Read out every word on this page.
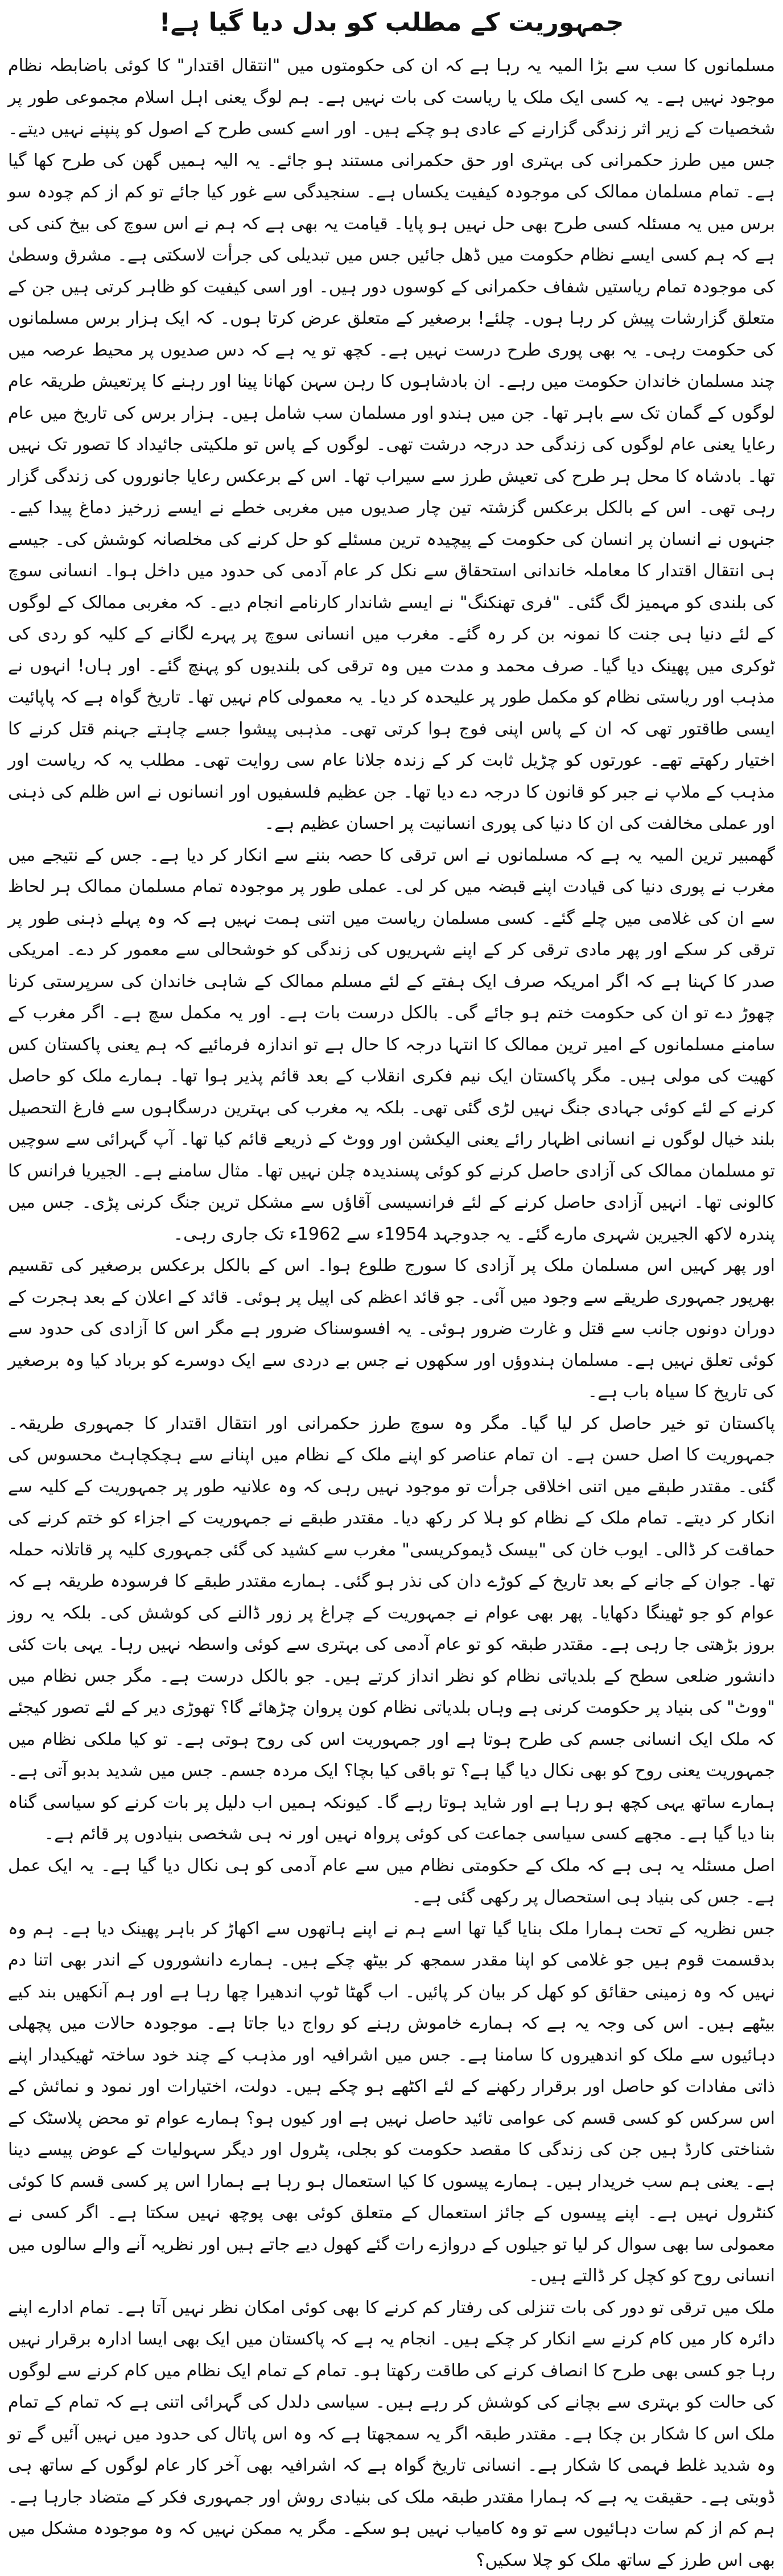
جمہوریت کے مطلب کو بدل دیا گیا ہے!

مسلمانوں کا سب سے بڑا المیہ یہ رہا ہے کہ ان کی حکومتوں میں "انتقال اقتدار" کا کوئی باضابطہ نظام موجود نہیں ہے۔ یہ کسی ایک ملک یا ریاست کی بات نہیں ہے۔ ہم لوگ یعنی اہل اسلام مجموعی طور پر شخصیات کے زیر اثر زندگی گزارنے کے عادی ہو چکے ہیں۔ اور اسے کسی طرح کے اصول کو پنپنے نہیں دیتے۔ جس میں طرز حکمرانی کی بہتری اور حق حکمرانی مستند ہو جائے۔ یہ الیہ ہمیں گھن کی طرح کھا گیا ہے۔ تمام مسلمان ممالک کی موجودہ کیفیت یکساں ہے۔ سنجیدگی سے غور کیا جائے تو کم از کم چودہ سو برس میں یہ مسئلہ کسی طرح بھی حل نہیں ہو پایا۔ قیامت یہ بھی ہے کہ ہم نے اس سوچ کی بیخ کنی کی ہے کہ ہم کسی ایسے نظام حکومت میں ڈھل جائیں جس میں تبدیلی کی جرأت لاسکتی ہے۔ مشرق وسطیٰ کی موجودہ تمام ریاستیں شفاف حکمرانی کے کوسوں دور ہیں۔ اور اسی کیفیت کو ظاہر کرتی ہیں جن کے متعلق گزارشات پیش کر رہا ہوں۔ چلئے! برصغیر کے متعلق عرض کرتا ہوں۔ کہ ایک ہزار برس مسلمانوں کی حکومت رہی۔ یہ بھی پوری طرح درست نہیں ہے۔ کچھ تو یہ ہے کہ دس صدیوں پر محیط عرصہ میں چند مسلمان خاندان حکومت میں رہے۔ ان بادشاہوں کا رہن سہن کھانا پینا اور رہنے کا پرتعیش طریقہ عام لوگوں کے گمان تک سے باہر تھا۔ جن میں ہندو اور مسلمان سب شامل ہیں۔ ہزار برس کی تاریخ میں عام رعایا یعنی عام لوگوں کی زندگی حد درجہ درشت تھی۔ لوگوں کے پاس تو ملکیتی جائیداد کا تصور تک نہیں تھا۔ بادشاہ کا محل ہر طرح کی تعیش طرز سے سیراب تھا۔ اس کے برعکس رعایا جانوروں کی زندگی گزار رہی تھی۔ اس کے بالکل برعکس گزشتہ تین چار صدیوں میں مغربی خطے نے ایسے زرخیز دماغ پیدا کیے۔ جنہوں نے انسان پر انسان کی حکومت کے پیچیدہ ترین مسئلے کو حل کرنے کی مخلصانہ کوشش کی۔ جیسے ہی انتقال اقتدار کا معاملہ خاندانی استحقاق سے نکل کر عام آدمی کی حدود میں داخل ہوا۔ انسانی سوچ کی بلندی کو مہمیز لگ گئی۔ "فری تھنکنگ" نے ایسے شاندار کارنامے انجام دیے۔ کہ مغربی ممالک کے لوگوں کے لئے دنیا ہی جنت کا نمونہ بن کر رہ گئے۔ مغرب میں انسانی سوچ پر پہرے لگانے کے کلیہ کو ردی کی ٹوکری میں پھینک دیا گیا۔ صرف محمد و مدت میں وہ ترقی کی بلندیوں کو پہنچ گئے۔ اور ہاں! انہوں نے مذہب اور ریاستی نظام کو مکمل طور پر علیحدہ کر دیا۔ یہ معمولی کام نہیں تھا۔ تاریخ گواہ ہے کہ پاپائیت ایسی طاقتور تھی کہ ان کے پاس اپنی فوج ہوا کرتی تھی۔ مذہبی پیشوا جسے چاہتے جہنم قتل کرنے کا اختیار رکھتے تھے۔ عورتوں کو چڑیل ثابت کر کے زندہ جلانا عام سی روایت تھی۔ مطلب یہ کہ ریاست اور مذہب کے ملاپ نے جبر کو قانون کا درجہ دے دیا تھا۔ جن عظیم فلسفیوں اور انسانوں نے اس ظلم کی ذہنی اور عملی مخالفت کی ان کا دنیا کی پوری انسانیت پر احسان عظیم ہے۔

گھمبیر ترین المیہ یہ ہے کہ مسلمانوں نے اس ترقی کا حصہ بننے سے انکار کر دیا ہے۔ جس کے نتیجے میں مغرب نے پوری دنیا کی قیادت اپنے قبضہ میں کر لی۔ عملی طور پر موجودہ تمام مسلمان ممالک ہر لحاظ سے ان کی غلامی میں چلے گئے۔ کسی مسلمان ریاست میں اتنی ہمت نہیں ہے کہ وہ پہلے ذہنی طور پر ترقی کر سکے اور پھر مادی ترقی کر کے اپنے شہریوں کی زندگی کو خوشحالی سے معمور کر دے۔ امریکی صدر کا کہنا ہے کہ اگر امریکہ صرف ایک ہفتے کے لئے مسلم ممالک کے شاہی خاندان کی سرپرستی کرنا چھوڑ دے تو ان کی حکومت ختم ہو جائے گی۔ بالکل درست بات ہے۔ اور یہ مکمل سچ ہے۔ اگر مغرب کے سامنے مسلمانوں کے امیر ترین ممالک کا انتہا درجہ کا حال ہے تو اندازہ فرمائیے کہ ہم یعنی پاکستان کس کھیت کی مولی ہیں۔ مگر پاکستان ایک نیم فکری انقلاب کے بعد قائم پذیر ہوا تھا۔ ہمارے ملک کو حاصل کرنے کے لئے کوئی جہادی جنگ نہیں لڑی گئی تھی۔ بلکہ یہ مغرب کی بہترین درسگاہوں سے فارغ التحصیل بلند خیال لوگوں نے انسانی اظہار رائے یعنی الیکشن اور ووٹ کے ذریعے قائم کیا تھا۔ آپ گہرائی سے سوچیں تو مسلمان ممالک کی آزادی حاصل کرنے کو کوئی پسندیدہ چلن نہیں تھا۔ مثال سامنے ہے۔ الجیریا فرانس کا کالونی تھا۔ انہیں آزادی حاصل کرنے کے لئے فرانسیسی آقاؤں سے مشکل ترین جنگ کرنی پڑی۔ جس میں پندرہ لاکھ الجیرین شہری مارے گئے۔ یہ جدوجہد 1954ء سے 1962ء تک جاری رہی۔

اور پھر کہیں اس مسلمان ملک پر آزادی کا سورج طلوع ہوا۔ اس کے بالکل برعکس برصغیر کی تقسیم بھرپور جمہوری طریقے سے وجود میں آئی۔ جو قائد اعظم کی اپیل پر ہوئی۔ قائد کے اعلان کے بعد ہجرت کے دوران دونوں جانب سے قتل و غارت ضرور ہوئی۔ یہ افسوسناک ضرور ہے مگر اس کا آزادی کی حدود سے کوئی تعلق نہیں ہے۔ مسلمان ہندوؤں اور سکھوں نے جس بے دردی سے ایک دوسرے کو برباد کیا وہ برصغیر کی تاریخ کا سیاہ باب ہے۔

پاکستان تو خیر حاصل کر لیا گیا۔ مگر وہ سوچ طرز حکمرانی اور انتقال اقتدار کا جمہوری طریقہ۔ جمہوریت کا اصل حسن ہے۔ ان تمام عناصر کو اپنے ملک کے نظام میں اپنانے سے ہچکچاہٹ محسوس کی گئی۔ مقتدر طبقے میں اتنی اخلاقی جرأت تو موجود نہیں رہی کہ وہ علانیہ طور پر جمہوریت کے کلیہ سے انکار کر دیتے۔ تمام ملک کے نظام کو ہلا کر رکھ دیا۔ مقتدر طبقے نے جمہوریت کے اجزاء کو ختم کرنے کی حماقت کر ڈالی۔ ایوب خان کی "بیسک ڈیموکریسی" مغرب سے کشید کی گئی جمہوری کلیہ پر قاتلانہ حملہ تھا۔ جوان کے جانے کے بعد تاریخ کے کوڑے دان کی نذر ہو گئی۔ ہمارے مقتدر طبقے کا فرسودہ طریقہ ہے کہ عوام کو جو ٹھینگا دکھایا۔ پھر بھی عوام نے جمہوریت کے چراغ پر زور ڈالنے کی کوشش کی۔ بلکہ یہ روز بروز بڑھتی جا رہی ہے۔ مقتدر طبقہ کو تو عام آدمی کی بہتری سے کوئی واسطہ نہیں رہا۔ یہی بات کئی دانشور ضلعی سطح کے بلدیاتی نظام کو نظر انداز کرتے ہیں۔ جو بالکل درست ہے۔ مگر جس نظام میں "ووٹ" کی بنیاد پر حکومت کرنی ہے وہاں بلدیاتی نظام کون پروان چڑھائے گا؟ تھوڑی دیر کے لئے تصور کیجئے کہ ملک ایک انسانی جسم کی طرح ہوتا ہے اور جمہوریت اس کی روح ہوتی ہے۔ تو کیا ملکی نظام میں جمہوریت یعنی روح کو بھی نکال دیا گیا ہے؟ تو باقی کیا بچا؟ ایک مردہ جسم۔ جس میں شدید بدبو آتی ہے۔ ہمارے ساتھ یہی کچھ ہو رہا ہے اور شاید ہوتا رہے گا۔ کیونکہ ہمیں اب دلیل پر بات کرنے کو سیاسی گناہ بنا دیا گیا ہے۔ مجھے کسی سیاسی جماعت کی کوئی پرواہ نہیں اور نہ ہی شخصی بنیادوں پر قائم ہے۔

اصل مسئلہ یہ ہی ہے کہ ملک کے حکومتی نظام میں سے عام آدمی کو ہی نکال دیا گیا ہے۔ یہ ایک عمل ہے۔ جس کی بنیاد ہی استحصال پر رکھی گئی ہے۔

جس نظریہ کے تحت ہمارا ملک بنایا گیا تھا اسے ہم نے اپنے ہاتھوں سے اکھاڑ کر باہر پھینک دیا ہے۔ ہم وہ بدقسمت قوم ہیں جو غلامی کو اپنا مقدر سمجھ کر بیٹھ چکے ہیں۔ ہمارے دانشوروں کے اندر بھی اتنا دم نہیں کہ وہ زمینی حقائق کو کھل کر بیان کر پائیں۔ اب گھٹا ٹوپ اندھیرا چھا رہا ہے اور ہم آنکھیں بند کیے بیٹھے ہیں۔ اس کی وجہ یہ ہے کہ ہمارے خاموش رہنے کو رواج دیا جاتا ہے۔ موجودہ حالات میں پچھلی دہائیوں سے ملک کو اندھیروں کا سامنا ہے۔ جس میں اشرافیہ اور مذہب کے چند خود ساختہ ٹھیکیدار اپنے ذاتی مفادات کو حاصل اور برقرار رکھنے کے لئے اکٹھے ہو چکے ہیں۔ دولت، اختیارات اور نمود و نمائش کے اس سرکس کو کسی قسم کی عوامی تائید حاصل نہیں ہے اور کیوں ہو؟ ہمارے عوام تو محض پلاسٹک کے شناختی کارڈ ہیں جن کی زندگی کا مقصد حکومت کو بجلی، پٹرول اور دیگر سہولیات کے عوض پیسے دینا ہے۔ یعنی ہم سب خریدار ہیں۔ ہمارے پیسوں کا کیا استعمال ہو رہا ہے ہمارا اس پر کسی قسم کا کوئی کنٹرول نہیں ہے۔ اپنے پیسوں کے جائز استعمال کے متعلق کوئی بھی پوچھ نہیں سکتا ہے۔ اگر کسی نے معمولی سا بھی سوال کر لیا تو جیلوں کے دروازے رات گئے کھول دیے جاتے ہیں اور نظریہ آنے والے سالوں میں انسانی روح کو کچل کر ڈالتے ہیں۔

ملک میں ترقی تو دور کی بات تنزلی کی رفتار کم کرنے کا بھی کوئی امکان نظر نہیں آتا ہے۔ تمام ادارے اپنے دائرہ کار میں کام کرنے سے انکار کر چکے ہیں۔ انجام یہ ہے کہ پاکستان میں ایک بھی ایسا ادارہ برقرار نہیں رہا جو کسی بھی طرح کا انصاف کرنے کی طاقت رکھتا ہو۔ تمام کے تمام ایک نظام میں کام کرنے سے لوگوں کی حالت کو بہتری سے بچانے کی کوشش کر رہے ہیں۔ سیاسی دلدل کی گہرائی اتنی ہے کہ تمام کے تمام ملک اس کا شکار بن چکا ہے۔ مقتدر طبقہ اگر یہ سمجھتا ہے کہ وہ اس پاتال کی حدود میں نہیں آئیں گے تو وہ شدید غلط فہمی کا شکار ہے۔ انسانی تاریخ گواہ ہے کہ اشرافیہ بھی آخر کار عام لوگوں کے ساتھ ہی ڈوبتی ہے۔ حقیقت یہ ہے کہ ہمارا مقتدر طبقہ ملک کی بنیادی روش اور جمہوری فکر کے متضاد جارہا ہے۔ ہم کم از کم سات دہائیوں سے تو وہ کامیاب نہیں ہو سکے۔ مگر یہ ممکن نہیں کہ وہ موجودہ مشکل میں بھی اس طرز کے ساتھ ملک کو چلا سکیں؟
